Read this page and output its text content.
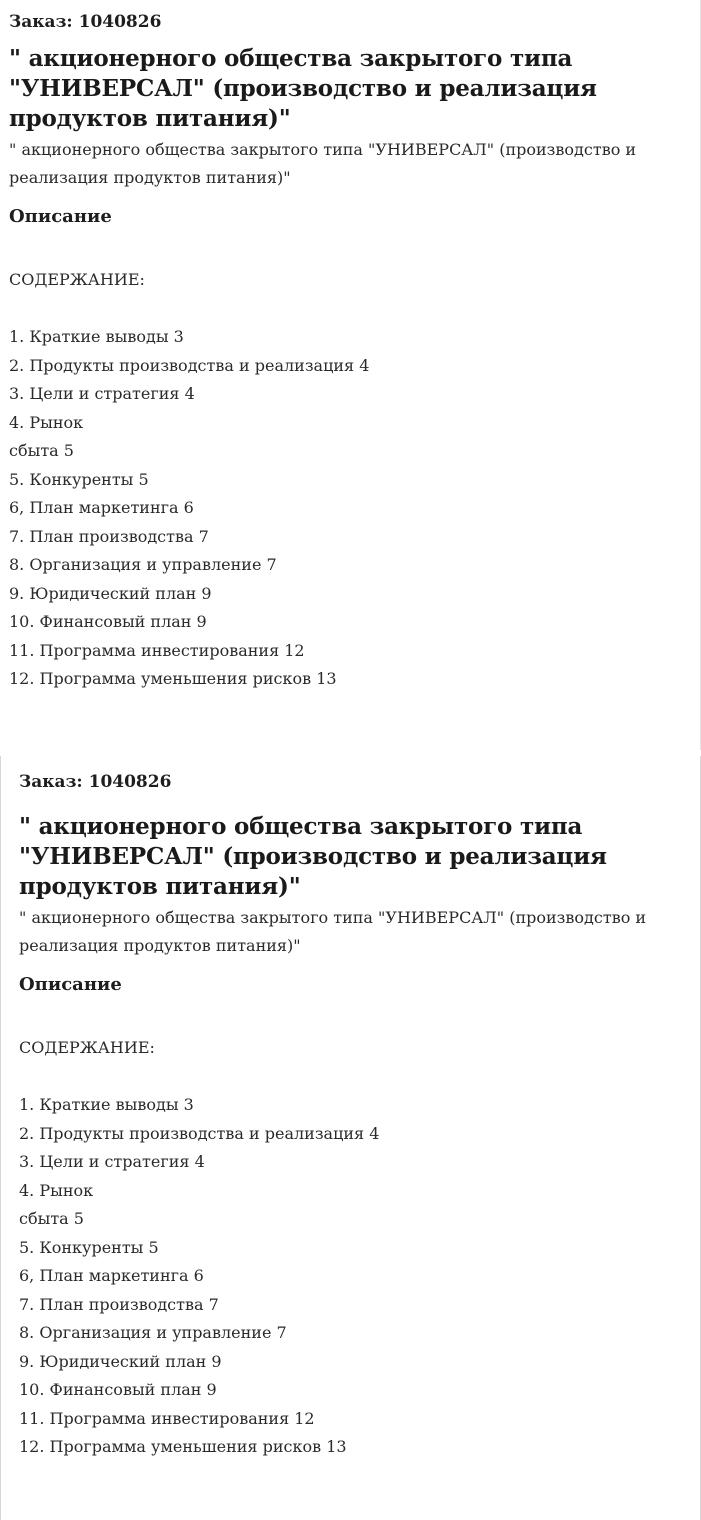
Заказ: 1040826
" акционерного общества закрытого типа "УНИВЕРСАЛ" (производство и реализация продуктов питания)"
" акционерного общества закрытого типа "УНИВЕРСАЛ" (производство и реализация продуктов питания)"
Описание
СОДЕРЖАНИЕ:
1. Краткие выводы 3
2. Продукты производства и реализация 4
3. Цели и стратегия 4
4. Рынок
сбыта 5
5. Конкуренты 5
6, План маркетинга 6
7. План производства 7
8. Организация и управление 7
9. Юридический план 9
10. Финансовый план 9
11. Программа инвестирования 12
12. Программа уменьшения рисков 13
Заказ: 1040826
" акционерного общества закрытого типа "УНИВЕРСАЛ" (производство и реализация продуктов питания)"
" акционерного общества закрытого типа "УНИВЕРСАЛ" (производство и реализация продуктов питания)"
Описание
СОДЕРЖАНИЕ:
1. Краткие выводы 3
2. Продукты производства и реализация 4
3. Цели и стратегия 4
4. Рынок
сбыта 5
5. Конкуренты 5
6, План маркетинга 6
7. План производства 7
8. Организация и управление 7
9. Юридический план 9
10. Финансовый план 9
11. Программа инвестирования 12
12. Программа уменьшения рисков 13
